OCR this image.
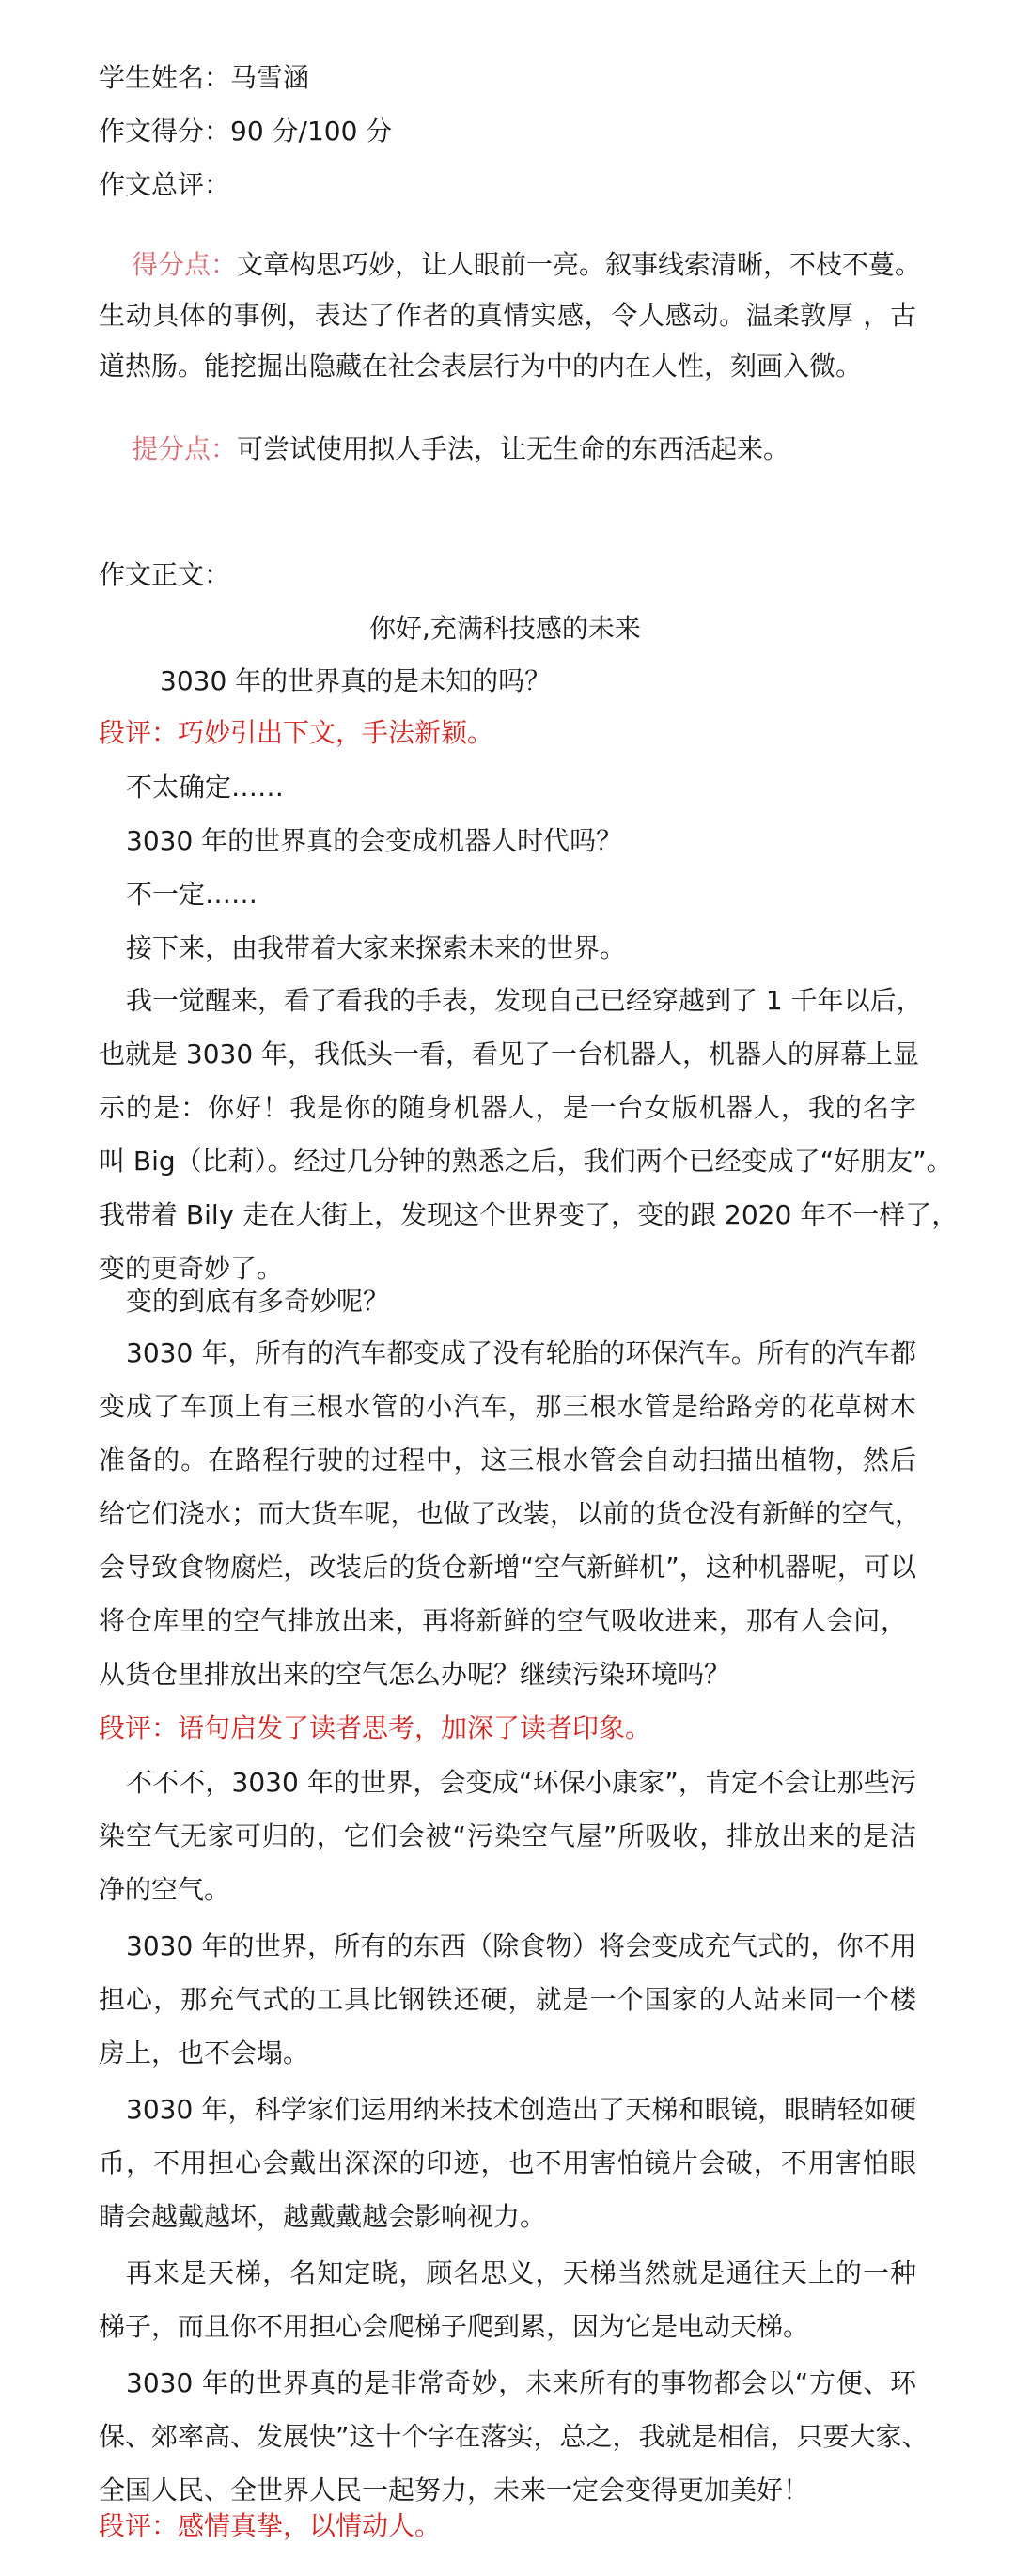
学生姓名：马雪涵
作文得分：90 分/100 分
作文总评：
得分点：文章构思巧妙，让人眼前一亮。叙事线索清晰，不枝不蔓。
生动具体的事例，表达了作者的真情实感，令人感动。温柔敦厚 ，古
道热肠。能挖掘出隐藏在社会表层行为中的内在人性，刻画入微。
提分点：可尝试使用拟人手法，让无生命的东西活起来。
作文正文：
你好,充满科技感的未来
3030 年的世界真的是未知的吗？
段评：巧妙引出下文，手法新颖。
不太确定……
3030 年的世界真的会变成机器人时代吗？
不一定……
接下来，由我带着大家来探索未来的世界。
我一觉醒来，看了看我的手表，发现自己已经穿越到了 1 千年以后，
也就是 3030 年，我低头一看，看见了一台机器人，机器人的屏幕上显
示的是：你好！我是你的随身机器人，是一台女版机器人，我的名字
叫 Big（比莉）。经过几分钟的熟悉之后，我们两个已经变成了“好朋友”。
我带着 Bily 走在大街上，发现这个世界变了，变的跟 2020 年不一样了，
变的更奇妙了。
变的到底有多奇妙呢？
3030 年，所有的汽车都变成了没有轮胎的环保汽车。所有的汽车都
变成了车顶上有三根水管的小汽车，那三根水管是给路旁的花草树木
准备的。在路程行驶的过程中，这三根水管会自动扫描出植物，然后
给它们浇水；而大货车呢，也做了改装，以前的货仓没有新鲜的空气，
会导致食物腐烂，改装后的货仓新增“空气新鲜机”，这种机器呢，可以
将仓库里的空气排放出来，再将新鲜的空气吸收进来，那有人会问，
从货仓里排放出来的空气怎么办呢？继续污染环境吗？
段评：语句启发了读者思考，加深了读者印象。
不不不，3030 年的世界，会变成“环保小康家”，肯定不会让那些污
染空气无家可归的，它们会被“污染空气屋”所吸收，排放出来的是洁
净的空气。
3030 年的世界，所有的东西（除食物）将会变成充气式的，你不用
担心，那充气式的工具比钢铁还硬，就是一个国家的人站来同一个楼
房上，也不会塌。
3030 年，科学家们运用纳米技术创造出了天梯和眼镜，眼睛轻如硬
币，不用担心会戴出深深的印迹，也不用害怕镜片会破，不用害怕眼
睛会越戴越坏，越戴戴越会影响视力。
再来是天梯，名知定晓，顾名思义，天梯当然就是通往天上的一种
梯子，而且你不用担心会爬梯子爬到累，因为它是电动天梯。
3030 年的世界真的是非常奇妙，未来所有的事物都会以“方便、环
保、郊率高、发展快”这十个字在落实，总之，我就是相信，只要大家、
全国人民、全世界人民一起努力，未来一定会变得更加美好！
段评：感情真挚，以情动人。
